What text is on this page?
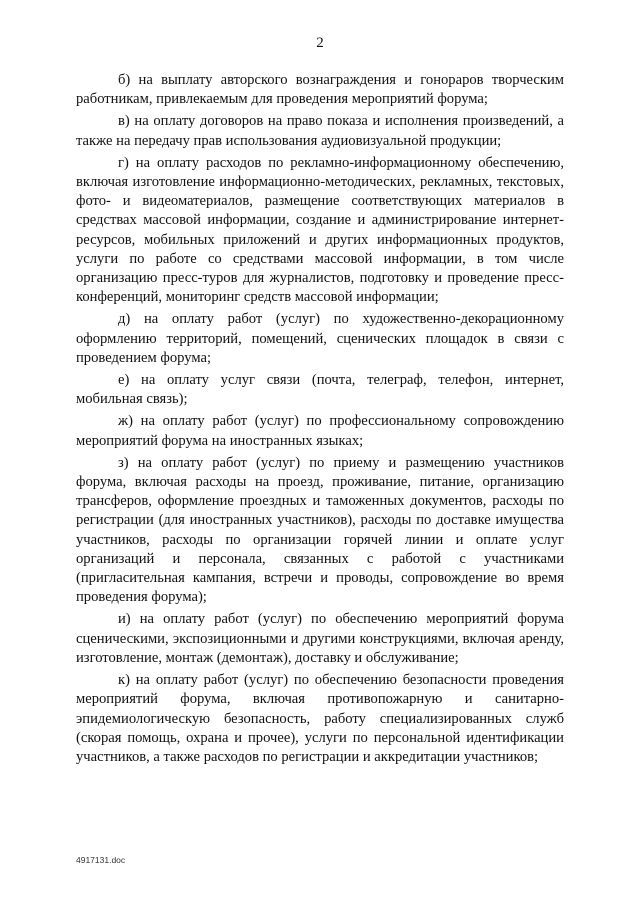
2

б) на выплату авторского вознаграждения и гонораров творческим работникам, привлекаемым для проведения мероприятий форума;

в) на оплату договоров на право показа и исполнения произведений, а также на передачу прав использования аудиовизуальной продукции;

г) на оплату расходов по рекламно-информационному обеспечению, включая изготовление информационно-методических, рекламных, текстовых, фото- и видеоматериалов, размещение соответствующих материалов в средствах массовой информации, создание и администрирование интернет-ресурсов, мобильных приложений и других информационных продуктов, услуги по работе со средствами массовой информации, в том числе организацию пресс-туров для журналистов, подготовку и проведение пресс-конференций, мониторинг средств массовой информации;

д) на оплату работ (услуг) по художественно-декорационному оформлению территорий, помещений, сценических площадок в связи с проведением форума;

е) на оплату услуг связи (почта, телеграф, телефон, интернет, мобильная связь);

ж) на оплату работ (услуг) по профессиональному сопровождению мероприятий форума на иностранных языках;

з) на оплату работ (услуг) по приему и размещению участников форума, включая расходы на проезд, проживание, питание, организацию трансферов, оформление проездных и таможенных документов, расходы по регистрации (для иностранных участников), расходы по доставке имущества участников, расходы по организации горячей линии и оплате услуг организаций и персонала, связанных с работой с участниками (пригласительная кампания, встречи и проводы, сопровождение во время проведения форума);

и) на оплату работ (услуг) по обеспечению мероприятий форума сценическими, экспозиционными и другими конструкциями, включая аренду, изготовление, монтаж (демонтаж), доставку и обслуживание;

к) на оплату работ (услуг) по обеспечению безопасности проведения мероприятий форума, включая противопожарную и санитарно-эпидемиологическую безопасность, работу специализированных служб (скорая помощь, охрана и прочее), услуги по персональной идентификации участников, а также расходов по регистрации и аккредитации участников;

4917131.doc
